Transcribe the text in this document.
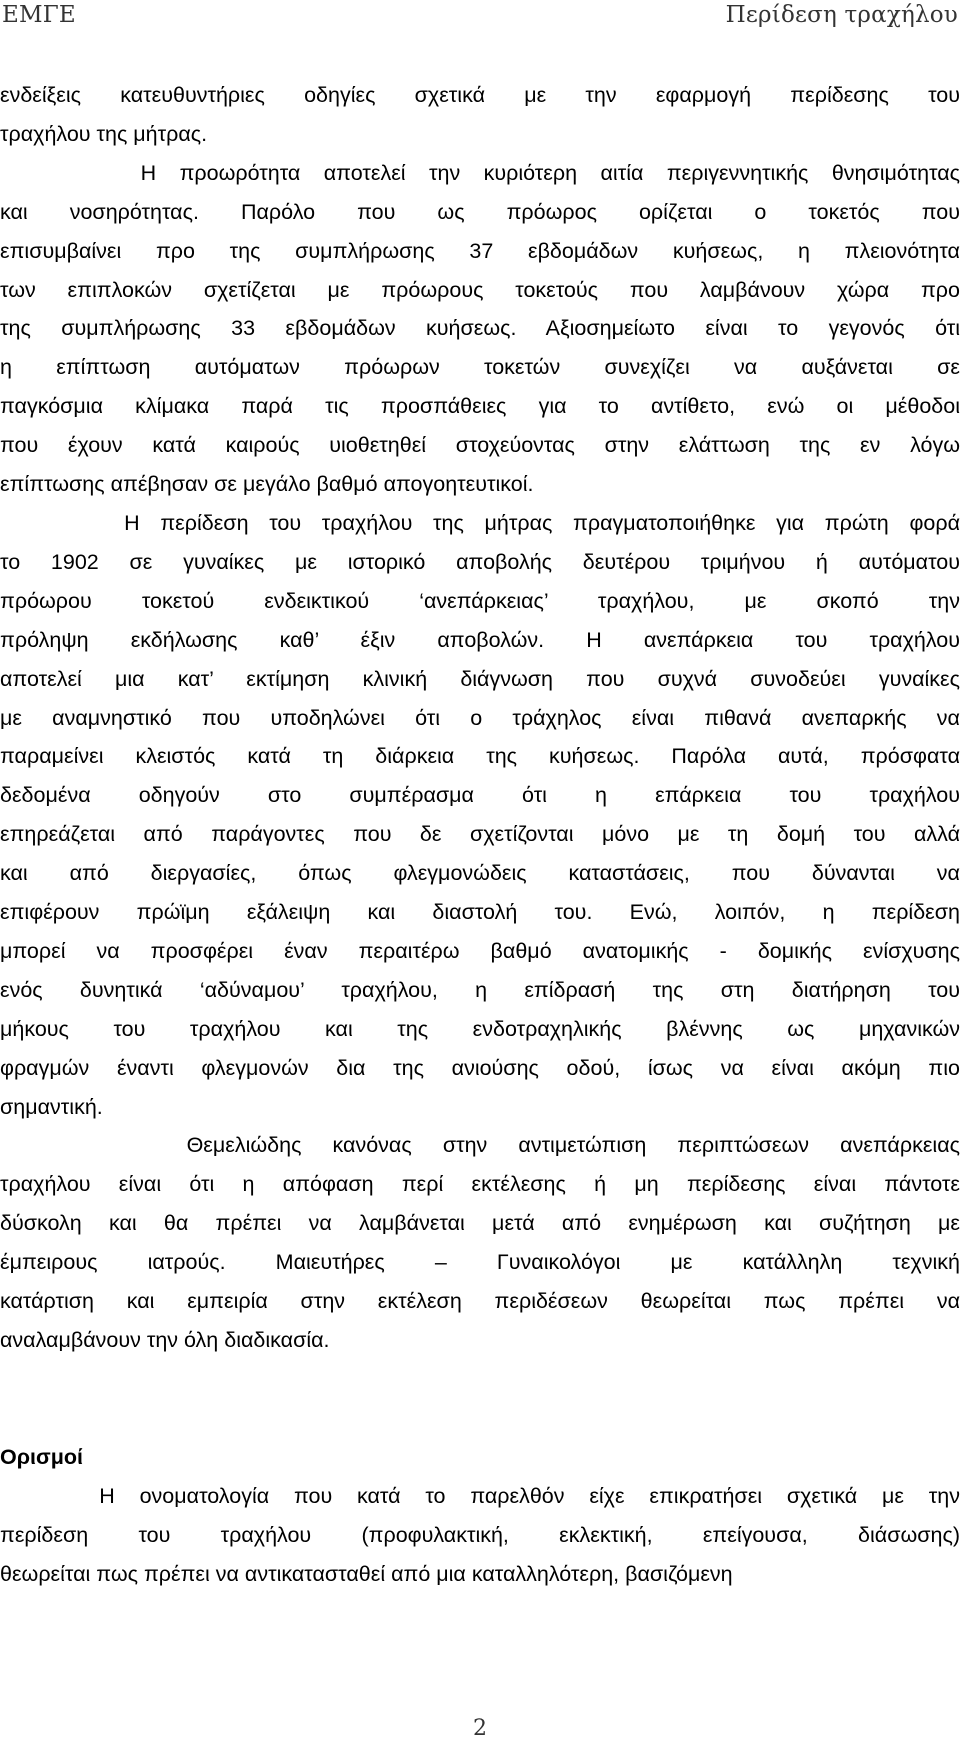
ΕΜΓΕ	Περίδεση τραχήλου

ενδείξεις κατευθυντήριες οδηγίες σχετικά με την εφαρμογή περίδεσης του
τραχήλου της μήτρας.

Η προωρότητα αποτελεί την κυριότερη αιτία περιγεννητικής θνησιμότητας
και νοσηρότητας. Παρόλο που ως πρόωρος ορίζεται ο τοκετός που
επισυμβαίνει προ της συμπλήρωσης 37 εβδομάδων κυήσεως, η πλειονότητα
των επιπλοκών σχετίζεται με πρόωρους τοκετούς που λαμβάνουν χώρα προ
της συμπλήρωσης 33 εβδομάδων κυήσεως. Αξιοσημείωτο είναι το γεγονός ότι
η επίπτωση αυτόματων πρόωρων τοκετών συνεχίζει να αυξάνεται σε
παγκόσμια κλίμακα παρά τις προσπάθειες για το αντίθετο, ενώ οι μέθοδοι
που έχουν κατά καιρούς υιοθετηθεί στοχεύοντας στην ελάττωση της εν λόγω
επίπτωσης απέβησαν σε μεγάλο βαθμό απογοητευτικοί.

Η περίδεση του τραχήλου της μήτρας πραγματοποιήθηκε για πρώτη φορά
το 1902 σε γυναίκες με ιστορικό αποβολής δευτέρου τριμήνου ή αυτόματου
πρόωρου τοκετού ενδεικτικού ‘ανεπάρκειας’ τραχήλου, με σκοπό την
πρόληψη εκδήλωσης καθ’ έξιν αποβολών. Η ανεπάρκεια του τραχήλου
αποτελεί μια κατ’ εκτίμηση κλινική διάγνωση που συχνά συνοδεύει γυναίκες
με αναμνηστικό που υποδηλώνει ότι ο τράχηλος είναι πιθανά ανεπαρκής να
παραμείνει κλειστός κατά τη διάρκεια της κυήσεως. Παρόλα αυτά, πρόσφατα
δεδομένα οδηγούν στο συμπέρασμα ότι η επάρκεια του τραχήλου
επηρεάζεται από παράγοντες που δε σχετίζονται μόνο με τη δομή του αλλά
και από διεργασίες, όπως φλεγμονώδεις καταστάσεις, που δύνανται να
επιφέρουν πρώϊμη εξάλειψη και διαστολή του. Ενώ, λοιπόν, η περίδεση
μπορεί να προσφέρει έναν περαιτέρω βαθμό ανατομικής - δομικής ενίσχυσης
ενός δυνητικά ‘αδύναμου’ τραχήλου, η επίδρασή της στη διατήρηση του
μήκους του τραχήλου και της ενδοτραχηλικής βλέννης ως μηχανικών
φραγμών έναντι φλεγμονών δια της ανιούσης οδού, ίσως να είναι ακόμη πιο
σημαντική.

Θεμελιώδης κανόνας στην αντιμετώπιση περιπτώσεων ανεπάρκειας
τραχήλου είναι ότι η απόφαση περί εκτέλεσης ή μη περίδεσης είναι πάντοτε
δύσκολη και θα πρέπει να λαμβάνεται μετά από ενημέρωση και συζήτηση με
έμπειρους ιατρούς. Μαιευτήρες – Γυναικολόγοι με κατάλληλη τεχνική
κατάρτιση και εμπειρία στην εκτέλεση περιδέσεων θεωρείται πως πρέπει να
αναλαμβάνουν την όλη διαδικασία.

Ορισμοί

Η ονοματολογία που κατά το παρελθόν είχε επικρατήσει σχετικά με την
περίδεση του τραχήλου (προφυλακτική, εκλεκτική, επείγουσα, διάσωσης)
θεωρείται πως πρέπει να αντικατασταθεί από μια καταλληλότερη, βασιζόμενη

2
